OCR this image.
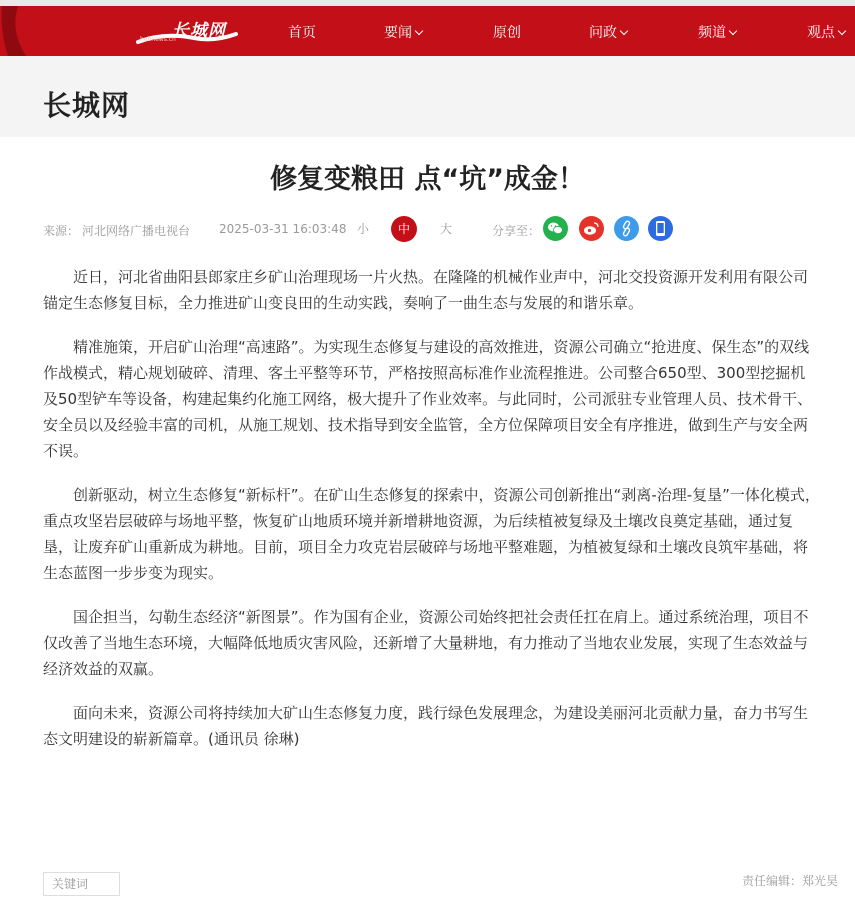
长城网
hebnews.cn	首页	要闻	原创	问政	频道	观点
长城网
修复变粮田 点“坑”成金！
来源： 河北网络广播电视台 2025-03-31 16:03:48 小	中	大	分享至：

近日，河北省曲阳县郎家庄乡矿山治理现场一片火热。在隆隆的机械作业声中，河北交投资源开发利用有限公司锚定生态修复目标，全力推进矿山变良田的生动实践，奏响了一曲生态与发展的和谐乐章。

精准施策，开启矿山治理“高速路”。为实现生态修复与建设的高效推进，资源公司确立“抢进度、保生态”的双线作战模式，精心规划破碎、清理、客土平整等环节，严格按照高标准作业流程推进。公司整合650型、300型挖掘机及50型铲车等设备，构建起集约化施工网络，极大提升了作业效率。与此同时，公司派驻专业管理人员、技术骨干、安全员以及经验丰富的司机，从施工规划、技术指导到安全监管，全方位保障项目安全有序推进，做到生产与安全两不误。

创新驱动，树立生态修复“新标杆”。在矿山生态修复的探索中，资源公司创新推出“剥离-治理-复垦”一体化模式，重点攻坚岩层破碎与场地平整，恢复矿山地质环境并新增耕地资源，为后续植被复绿及土壤改良奠定基础，通过复垦，让废弃矿山重新成为耕地。目前，项目全力攻克岩层破碎与场地平整难题，为植被复绿和土壤改良筑牢基础，将生态蓝图一步步变为现实。

国企担当，勾勒生态经济“新图景”。作为国有企业，资源公司始终把社会责任扛在肩上。通过系统治理，项目不仅改善了当地生态环境，大幅降低地质灾害风险，还新增了大量耕地，有力推动了当地农业发展，实现了生态效益与经济效益的双赢。

面向未来，资源公司将持续加大矿山生态修复力度，践行绿色发展理念，为建设美丽河北贡献力量，奋力书写生态文明建设的崭新篇章。(通讯员 徐琳)

关键词	责任编辑：郑光昊
